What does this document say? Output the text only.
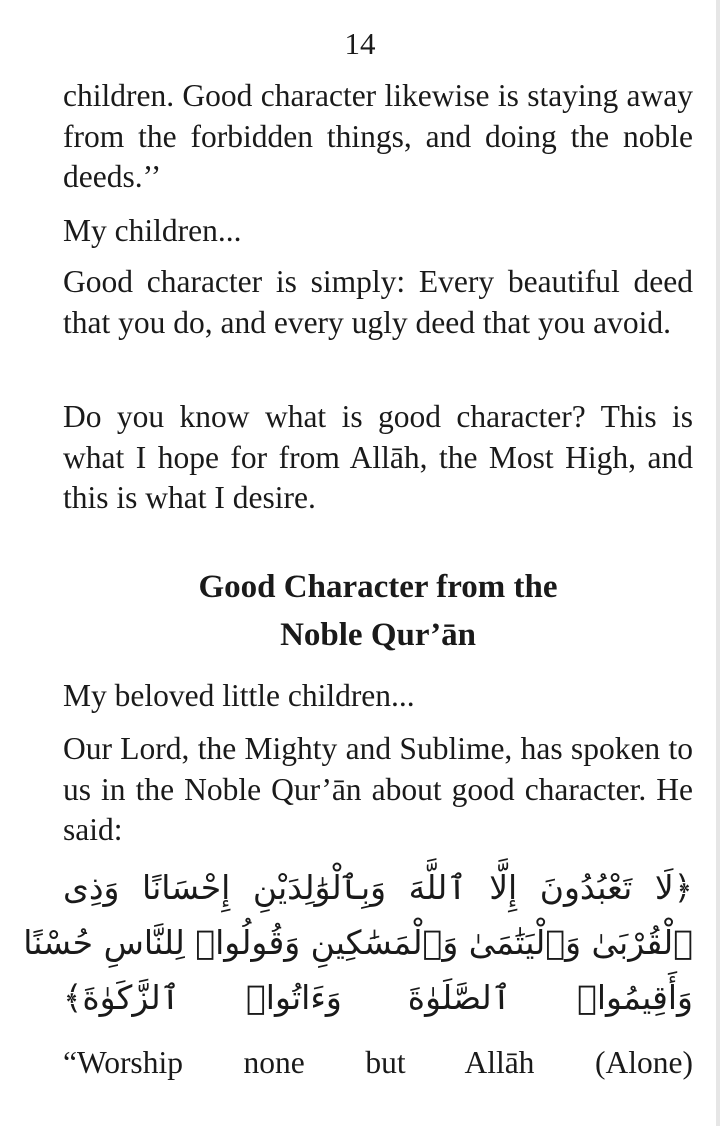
14

children. Good character likewise is staying away from the forbidden things, and doing the noble deeds.’’

My children...

Good character is simply: Every beautiful deed that you do, and every ugly deed that you avoid.

Do you know what is good character? This is what I hope for from Allāh, the Most High, and this is what I desire.

Good Character from the
Noble Qur’ān

My beloved little children...

Our Lord, the Mighty and Sublime, has spoken to us in the Noble Qur’ān about good character. He said:

﴿لَا تَعْبُدُونَ إِلَّا ٱللَّهَ وَبِٱلْوَٰلِدَيْنِ إِحْسَانًا وَذِى
ٱلْقُرْبَىٰ وَٱلْيَتَٰمَىٰ وَٱلْمَسَٰكِينِ وَقُولُوا۟ لِلنَّاسِ حُسْنًا
وَأَقِيمُوا۟ ٱلصَّلَوٰةَ وَءَاتُوا۟ ٱلزَّكَوٰةَ﴾

“Worship none but Allāh (Alone)
